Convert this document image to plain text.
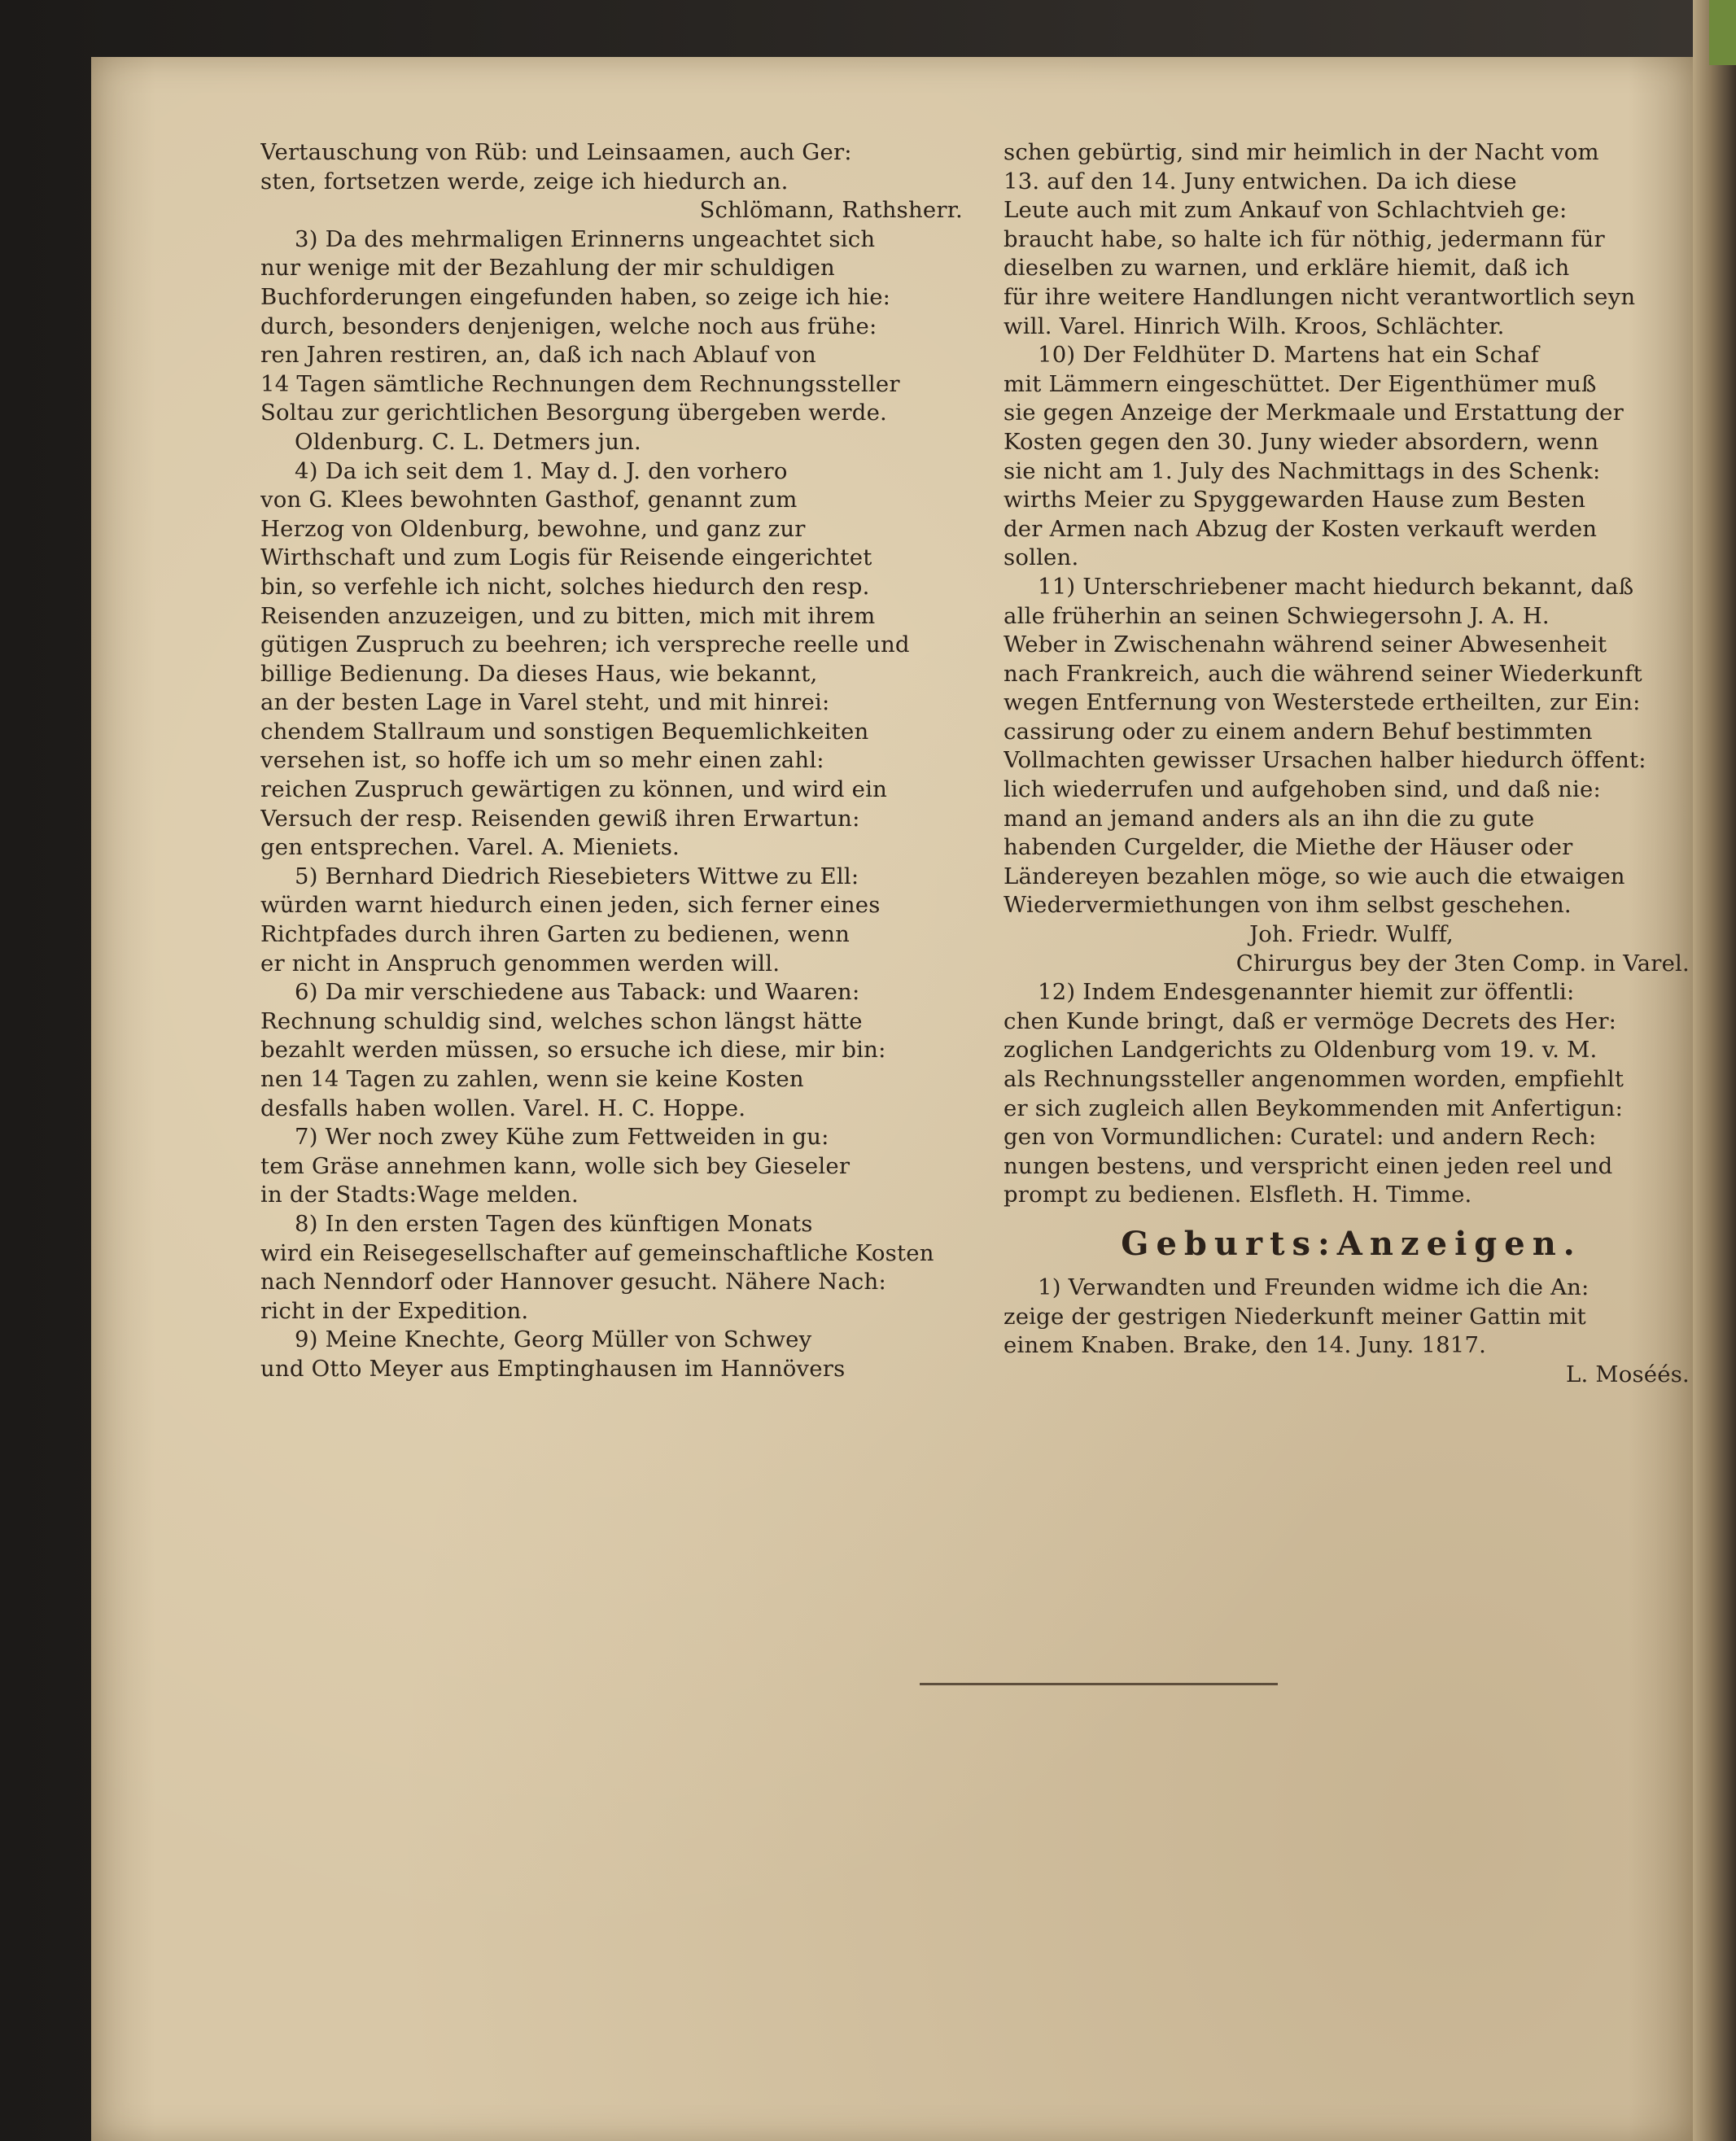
Vertauschung von Rüb: und Leinsaamen, auch Ger:
sten, fortsetzen werde, zeige ich hiedurch an.
Schlömann, Rathsherr.
3) Da des mehrmaligen Erinnerns ungeachtet sich
nur wenige mit der Bezahlung der mir schuldigen
Buchforderungen eingefunden haben, so zeige ich hie:
durch, besonders denjenigen, welche noch aus frühe:
ren Jahren restiren, an, daß ich nach Ablauf von
14 Tagen sämtliche Rechnungen dem Rechnungssteller
Soltau zur gerichtlichen Besorgung übergeben werde.
Oldenburg. C. L. Detmers jun.
4) Da ich seit dem 1. May d. J. den vorhero
von G. Klees bewohnten Gasthof, genannt zum
Herzog von Oldenburg, bewohne, und ganz zur
Wirthschaft und zum Logis für Reisende eingerichtet
bin, so verfehle ich nicht, solches hiedurch den resp.
Reisenden anzuzeigen, und zu bitten, mich mit ihrem
gütigen Zuspruch zu beehren; ich verspreche reelle und
billige Bedienung. Da dieses Haus, wie bekannt,
an der besten Lage in Varel steht, und mit hinrei:
chendem Stallraum und sonstigen Bequemlichkeiten
versehen ist, so hoffe ich um so mehr einen zahl:
reichen Zuspruch gewärtigen zu können, und wird ein
Versuch der resp. Reisenden gewiß ihren Erwartun:
gen entsprechen. Varel. A. Mieniets.
5) Bernhard Diedrich Riesebieters Wittwe zu Ell:
würden warnt hiedurch einen jeden, sich ferner eines
Richtpfades durch ihren Garten zu bedienen, wenn
er nicht in Anspruch genommen werden will.
6) Da mir verschiedene aus Taback: und Waaren:
Rechnung schuldig sind, welches schon längst hätte
bezahlt werden müssen, so ersuche ich diese, mir bin:
nen 14 Tagen zu zahlen, wenn sie keine Kosten
desfalls haben wollen. Varel. H. C. Hoppe.
7) Wer noch zwey Kühe zum Fettweiden in gu:
tem Gräse annehmen kann, wolle sich bey Gieseler
in der Stadts:Wage melden.
8) In den ersten Tagen des künftigen Monats
wird ein Reisegesellschafter auf gemeinschaftliche Kosten
nach Nenndorf oder Hannover gesucht. Nähere Nach:
richt in der Expedition.
9) Meine Knechte, Georg Müller von Schwey
und Otto Meyer aus Emptinghausen im Hannövers
schen gebürtig, sind mir heimlich in der Nacht vom
13. auf den 14. Juny entwichen. Da ich diese
Leute auch mit zum Ankauf von Schlachtvieh ge:
braucht habe, so halte ich für nöthig, jedermann für
dieselben zu warnen, und erkläre hiemit, daß ich
für ihre weitere Handlungen nicht verantwortlich seyn
will. Varel. Hinrich Wilh. Kroos, Schlächter.
10) Der Feldhüter D. Martens hat ein Schaf
mit Lämmern eingeschüttet. Der Eigenthümer muß
sie gegen Anzeige der Merkmaale und Erstattung der
Kosten gegen den 30. Juny wieder absordern, wenn
sie nicht am 1. July des Nachmittags in des Schenk:
wirths Meier zu Spyggewarden Hause zum Besten
der Armen nach Abzug der Kosten verkauft werden
sollen.
11) Unterschriebener macht hiedurch bekannt, daß
alle früherhin an seinen Schwiegersohn J. A. H.
Weber in Zwischenahn während seiner Abwesenheit
nach Frankreich, auch die während seiner Wiederkunft
wegen Entfernung von Westerstede ertheilten, zur Ein:
cassirung oder zu einem andern Behuf bestimmten
Vollmachten gewisser Ursachen halber hiedurch öffent:
lich wiederrufen und aufgehoben sind, und daß nie:
mand an jemand anders als an ihn die zu gute
habenden Curgelder, die Miethe der Häuser oder
Ländereyen bezahlen möge, so wie auch die etwaigen
Wiedervermiethungen von ihm selbst geschehen.
Joh. Friedr. Wulff,
Chirurgus bey der 3ten Comp. in Varel.
12) Indem Endesgenannter hiemit zur öffentli:
chen Kunde bringt, daß er vermöge Decrets des Her:
zoglichen Landgerichts zu Oldenburg vom 19. v. M.
als Rechnungssteller angenommen worden, empfiehlt
er sich zugleich allen Beykommenden mit Anfertigun:
gen von Vormundlichen: Curatel: und andern Rech:
nungen bestens, und verspricht einen jeden reel und
prompt zu bedienen. Elsfleth. H. Timme.
Geburts:Anzeigen.
1) Verwandten und Freunden widme ich die An:
zeige der gestrigen Niederkunft meiner Gattin mit
einem Knaben. Brake, den 14. Juny. 1817.
L. Moséés.
